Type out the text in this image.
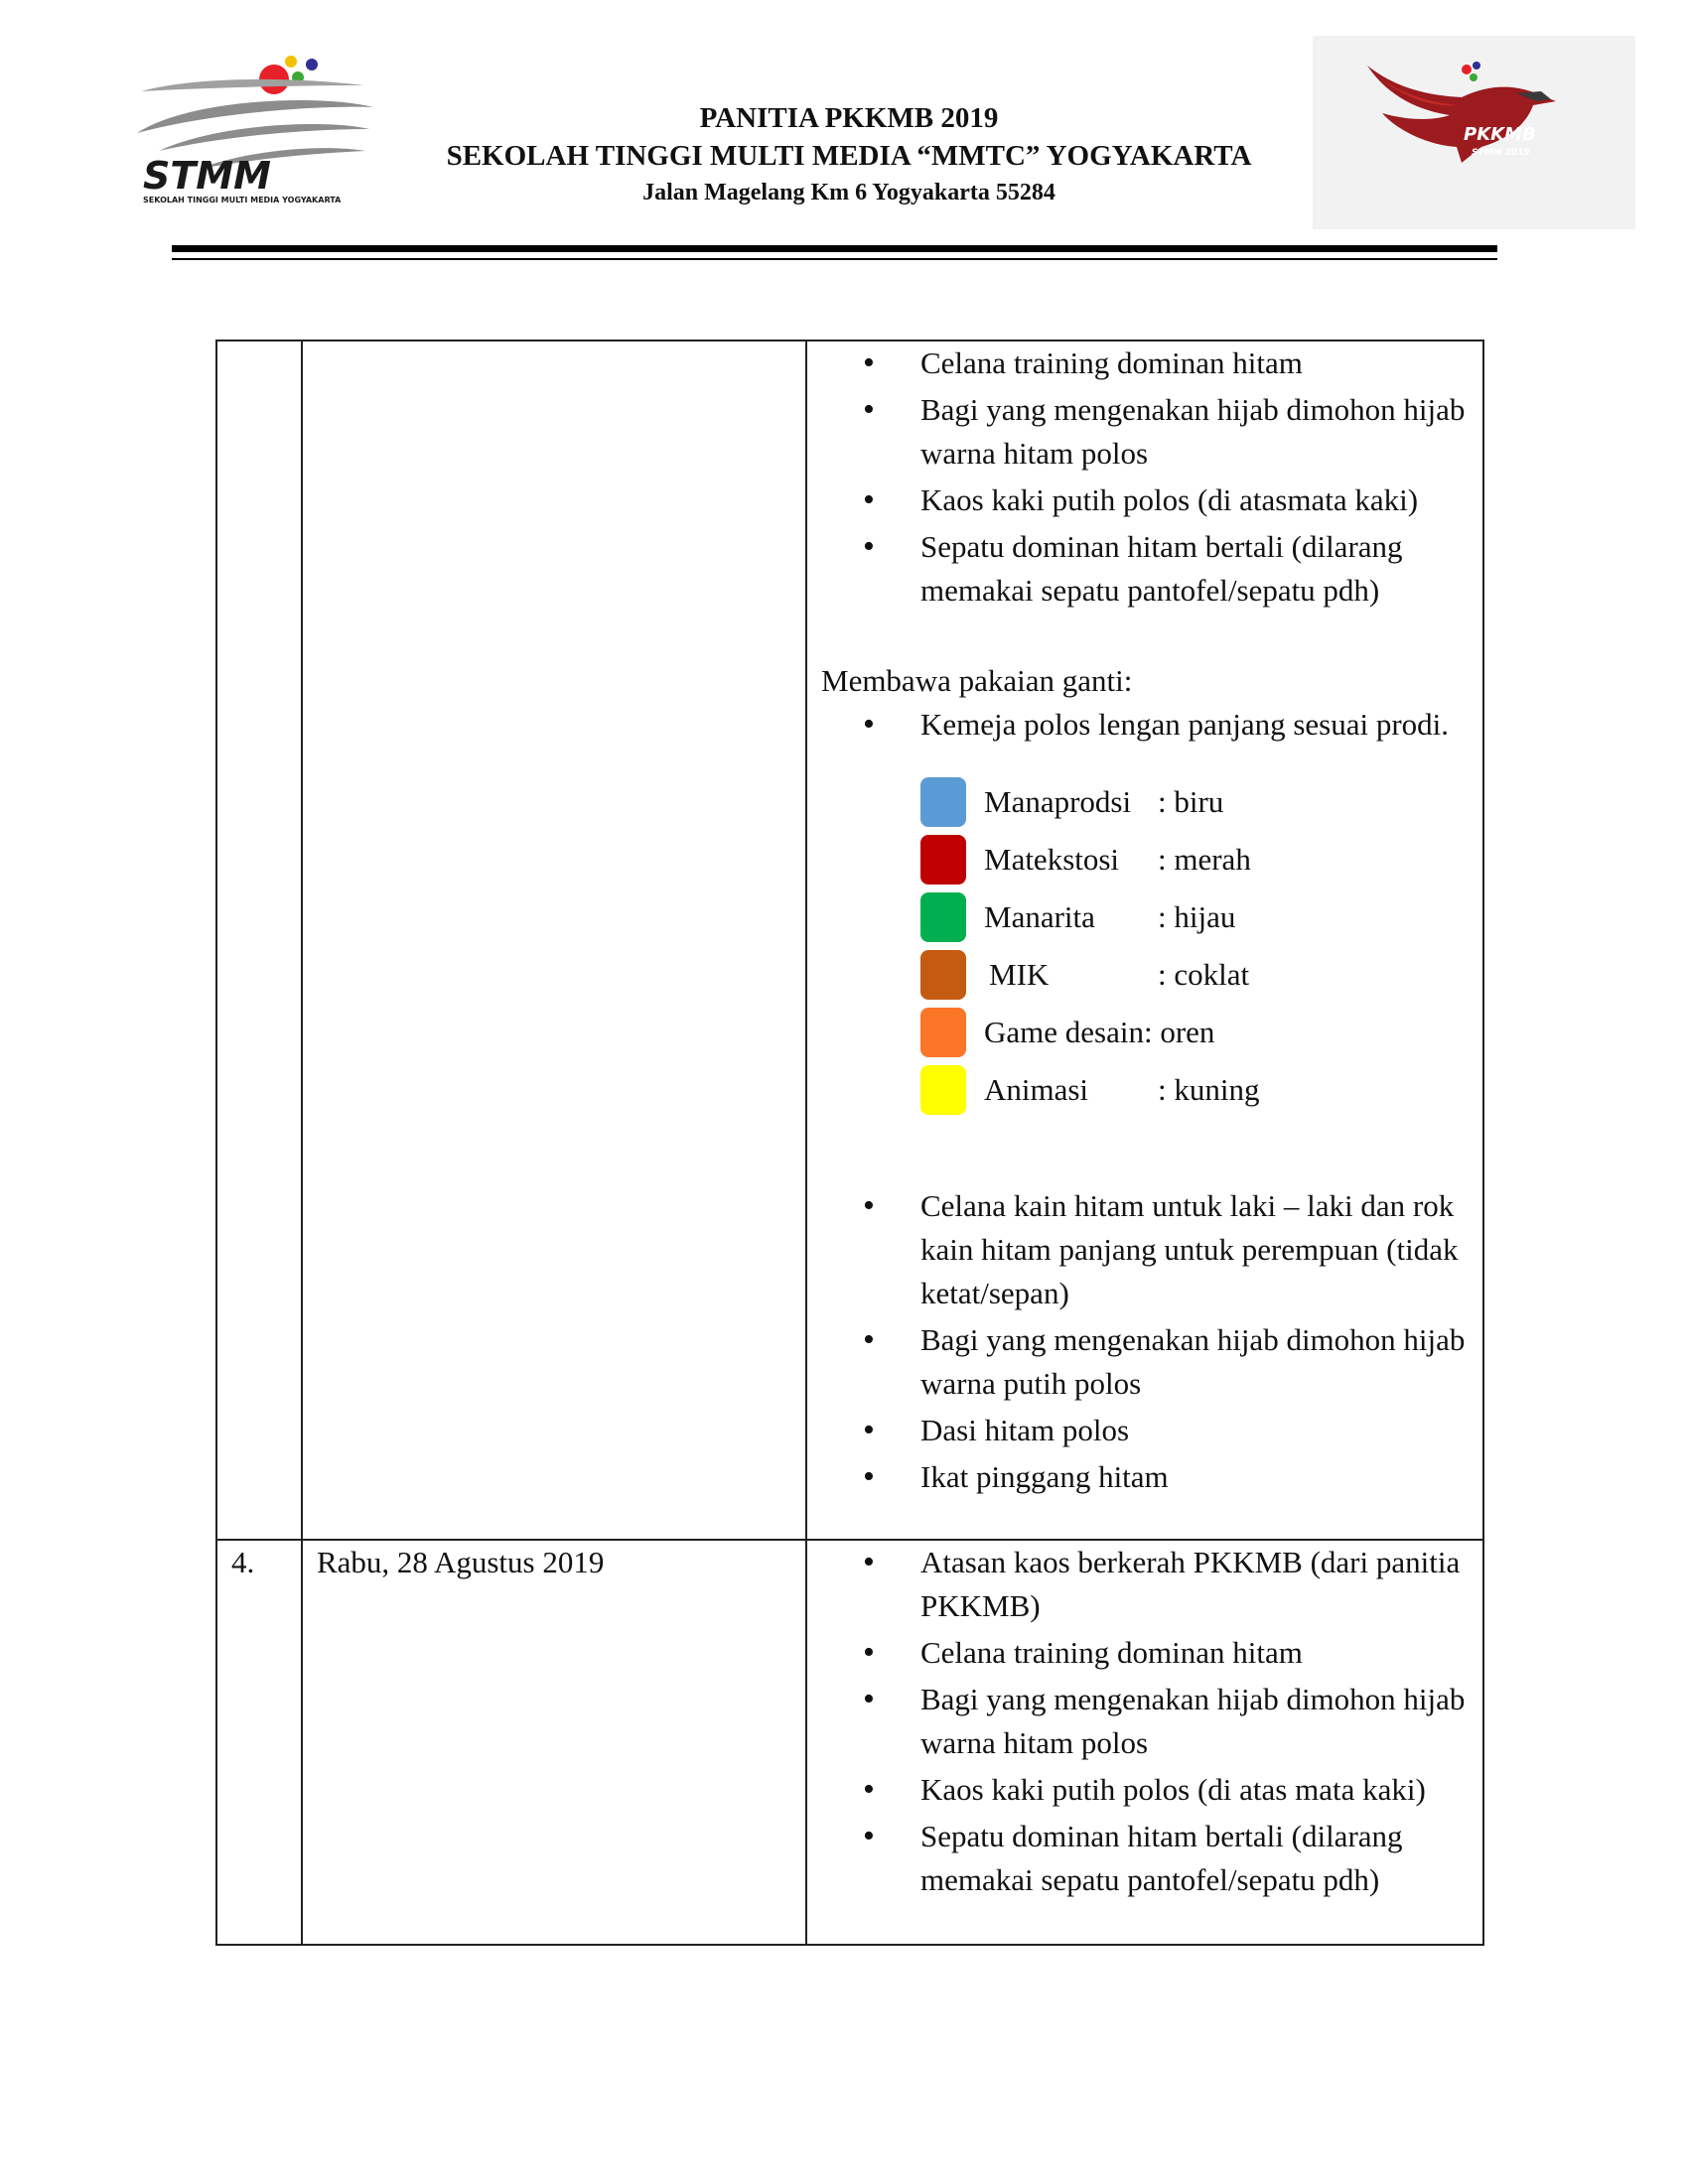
STMM
SEKOLAH TINGGI MULTI MEDIA YOGYAKARTA
PANITIA PKKMB 2019
SEKOLAH TINGGI MULTI MEDIA “MMTC” YOGYAKARTA
Jalan Magelang Km 6 Yogyakarta 55284
PKKMB
STMM 2019
• Celana training dominan hitam
• Bagi yang mengenakan hijab dimohon hijab warna hitam polos
• Kaos kaki putih polos (di atasmata kaki)
• Sepatu dominan hitam bertali (dilarang memakai sepatu pantofel/sepatu pdh)
Membawa pakaian ganti:
• Kemeja polos lengan panjang sesuai prodi.
Manaprodsi : biru
Matekstosi	: merah
Manarita	: hijau
MIK	: coklat
Game desain: oren
Animasi	: kuning
• Celana kain hitam untuk laki – laki dan rok kain hitam panjang untuk perempuan (tidak ketat/sepan)
• Bagi yang mengenakan hijab dimohon hijab warna putih polos
• Dasi hitam polos
• Ikat pinggang hitam
4.	Rabu, 28 Agustus 2019
•	Atasan kaos berkerah PKKMB (dari panitia PKKMB)
• Celana training dominan hitam
• Bagi yang mengenakan hijab dimohon hijab warna hitam polos
• Kaos kaki putih polos (di atas mata kaki)
• Sepatu dominan hitam bertali (dilarang memakai sepatu pantofel/sepatu pdh)
